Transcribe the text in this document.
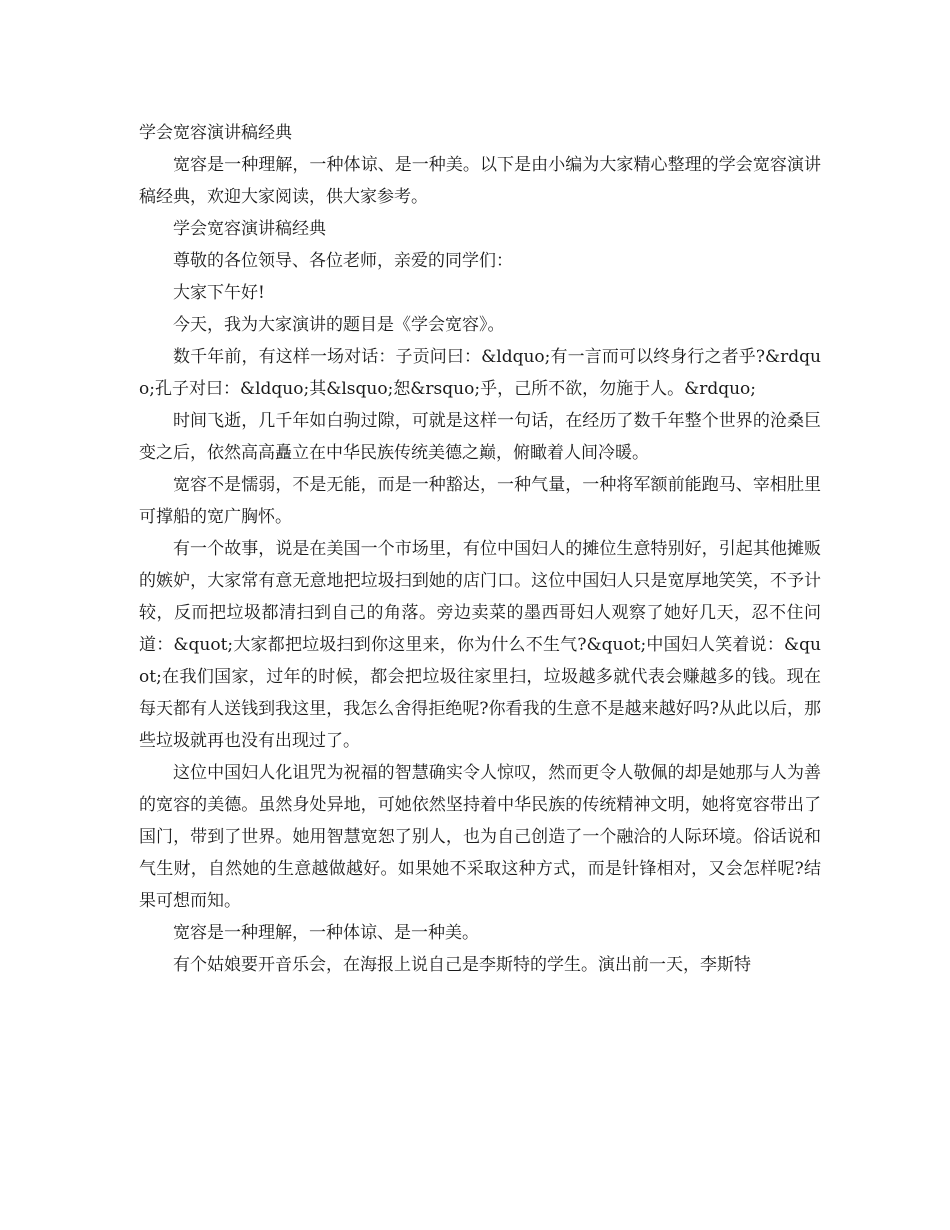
学会宽容演讲稿经典

宽容是一种理解，一种体谅、是一种美。以下是由小编为大家精心整理的学会宽容演讲稿经典，欢迎大家阅读，供大家参考。

学会宽容演讲稿经典

尊敬的各位领导、各位老师，亲爱的同学们：

大家下午好!

今天，我为大家演讲的题目是《学会宽容》。

数千年前，有这样一场对话：子贡问曰：&ldquo;有一言而可以终身行之者乎?&rdquo;孔子对曰：&ldquo;其&lsquo;恕&rsquo;乎，己所不欲，勿施于人。&rdquo;

时间飞逝，几千年如白驹过隙，可就是这样一句话，在经历了数千年整个世界的沧桑巨变之后，依然高高矗立在中华民族传统美德之巅，俯瞰着人间冷暖。

宽容不是懦弱，不是无能，而是一种豁达，一种气量，一种将军额前能跑马、宰相肚里可撑船的宽广胸怀。

有一个故事，说是在美国一个市场里，有位中国妇人的摊位生意特别好，引起其他摊贩的嫉妒，大家常有意无意地把垃圾扫到她的店门口。这位中国妇人只是宽厚地笑笑，不予计较，反而把垃圾都清扫到自己的角落。旁边卖菜的墨西哥妇人观察了她好几天，忍不住问道：&quot;大家都把垃圾扫到你这里来，你为什么不生气?&quot;中国妇人笑着说：&quot;在我们国家，过年的时候，都会把垃圾往家里扫，垃圾越多就代表会赚越多的钱。现在每天都有人送钱到我这里，我怎么舍得拒绝呢?你看我的生意不是越来越好吗?从此以后，那些垃圾就再也没有出现过了。

这位中国妇人化诅咒为祝福的智慧确实令人惊叹，然而更令人敬佩的却是她那与人为善的宽容的美德。虽然身处异地，可她依然坚持着中华民族的传统精神文明，她将宽容带出了国门，带到了世界。她用智慧宽恕了别人，也为自己创造了一个融洽的人际环境。俗话说和气生财，自然她的生意越做越好。如果她不采取这种方式，而是针锋相对，又会怎样呢?结果可想而知。

宽容是一种理解，一种体谅、是一种美。

有个姑娘要开音乐会，在海报上说自己是李斯特的学生。演出前一天，李斯特
